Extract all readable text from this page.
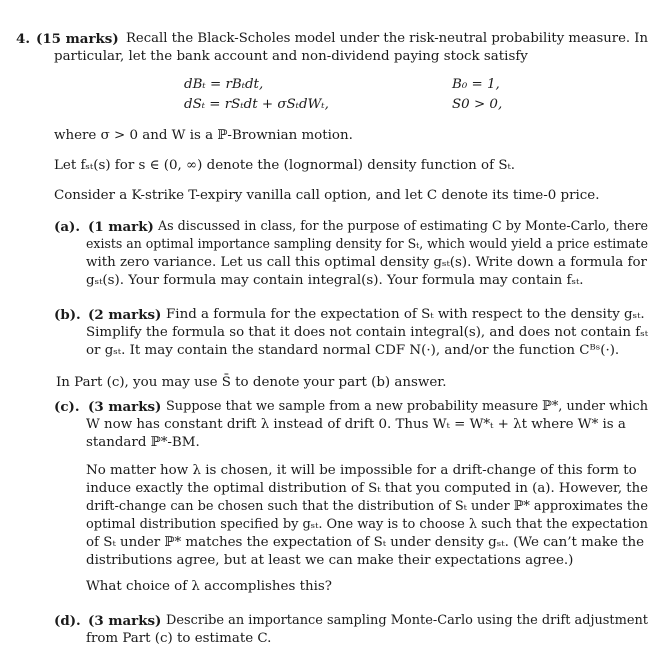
4. (15 marks) Recall the Black-Scholes model under the risk-neutral probability measure. In
particular, let the bank account and non-dividend paying stock satisfy
dBₜ = rBₜdt,
dSₜ = rSₜdt + σSₜdWₜ,
B₀ = 1,
S0 > 0,
where σ > 0 and W is a ℙ-Brownian motion.
Let fₛₜ(s) for s ∈ (0, ∞) denote the (lognormal) density function of Sₜ.
Consider a K-strike T-expiry vanilla call option, and let C denote its time-0 price.
(a). (1 mark) As discussed in class, for the purpose of estimating C by Monte-Carlo, there
exists an optimal importance sampling density for Sₜ, which would yield a price estimate
with zero variance. Let us call this optimal density gₛₜ(s). Write down a formula for
gₛₜ(s). Your formula may contain integral(s). Your formula may contain fₛₜ.
(b). (2 marks) Find a formula for the expectation of Sₜ with respect to the density gₛₜ.
Simplify the formula so that it does not contain integral(s), and does not contain fₛₜ
or gₛₜ. It may contain the standard normal CDF N(·), and/or the function Cᴮˢ(·).
In Part (c), you may use S̄ to denote your part (b) answer.
(c). (3 marks) Suppose that we sample from a new probability measure ℙ*, under which
W now has constant drift λ instead of drift 0. Thus Wₜ = W*ₜ + λt where W* is a
standard ℙ*-BM.
No matter how λ is chosen, it will be impossible for a drift-change of this form to
induce exactly the optimal distribution of Sₜ that you computed in (a). However, the
drift-change can be chosen such that the distribution of Sₜ under ℙ* approximates the
optimal distribution specified by gₛₜ. One way is to choose λ such that the expectation
of Sₜ under ℙ* matches the expectation of Sₜ under density gₛₜ. (We can’t make the
distributions agree, but at least we can make their expectations agree.)
What choice of λ accomplishes this?
(d). (3 marks) Describe an importance sampling Monte-Carlo using the drift adjustment
from Part (c) to estimate C.
